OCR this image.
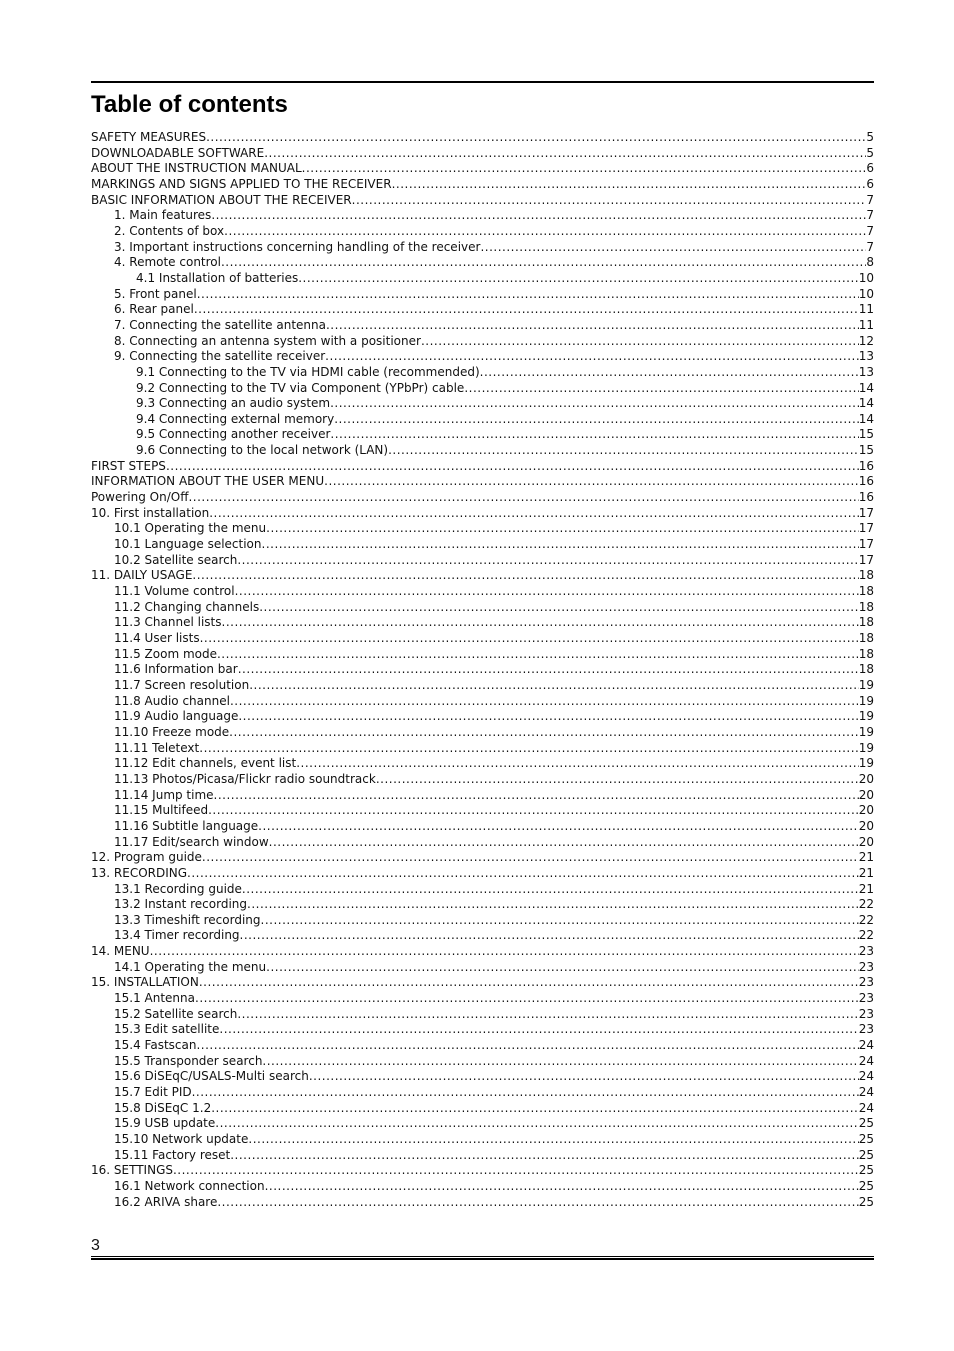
Table of contents
SAFETY MEASURES .....	5
DOWNLOADABLE SOFTWARE .....	5
ABOUT THE INSTRUCTION MANUAL .....	6
MARKINGS AND SIGNS APPLIED TO THE RECEIVER .....	6
BASIC INFORMATION ABOUT THE RECEIVER .....	7
1. Main features .....	7
2. Contents of box .....	7
3. Important instructions concerning handling of the receiver .....	7
4. Remote control .....	8
4.1 Installation of batteries .....	10
5. Front panel .....	10
6. Rear panel .....	11
7. Connecting the satellite antenna .....	11
8. Connecting an antenna system with a positioner .....	12
9. Connecting the satellite receiver .....	13
9.1 Connecting to the TV via HDMI cable (recommended) .....	13
9.2 Connecting to the TV via Component (YPbPr) cable .....	14
9.3 Connecting an audio system .....	14
9.4 Connecting external memory .....	14
9.5 Connecting another receiver .....	15
9.6 Connecting to the local network (LAN) .....	15
FIRST STEPS .....	16
INFORMATION ABOUT THE USER MENU .....	16
Powering On/Off .....	16
10. First installation .....	17
10.1 Operating the menu .....	17
10.1 Language selection .....	17
10.2 Satellite search .....	17
11. DAILY USAGE .....	18
11.1 Volume control .....	18
11.2 Changing channels .....	18
11.3 Channel lists .....	18
11.4 User lists .....	18
11.5 Zoom mode .....	18
11.6 Information bar .....	18
11.7 Screen resolution .....	19
11.8 Audio channel .....	19
11.9 Audio language .....	19
11.10 Freeze mode .....	19
11.11 Teletext .....	19
11.12 Edit channels, event list .....	19
11.13 Photos/Picasa/Flickr radio soundtrack .....	20
11.14 Jump time .....	20
11.15 Multifeed .....	20
11.16 Subtitle language .....	20
11.17 Edit/search window .....	20
12. Program guide .....	21
13. RECORDING .....	21
13.1 Recording guide .....	21
13.2 Instant recording .....	22
13.3 Timeshift recording .....	22
13.4 Timer recording .....	22
14. MENU .....	23
14.1 Operating the menu .....	23
15. INSTALLATION .....	23
15.1 Antenna .....	23
15.2 Satellite search .....	23
15.3 Edit satellite .....	23
15.4 Fastscan .....	24
15.5 Transponder search .....	24
15.6 DiSEqC/USALS-Multi search .....	24
15.7 Edit PID .....	24
15.8 DiSEqC 1.2 .....	24
15.9 USB update .....	25
15.10 Network update .....	25
15.11 Factory reset .....	25
16. SETTINGS .....	25
16.1 Network connection .....	25
16.2 ARIVA share .....	25
3
